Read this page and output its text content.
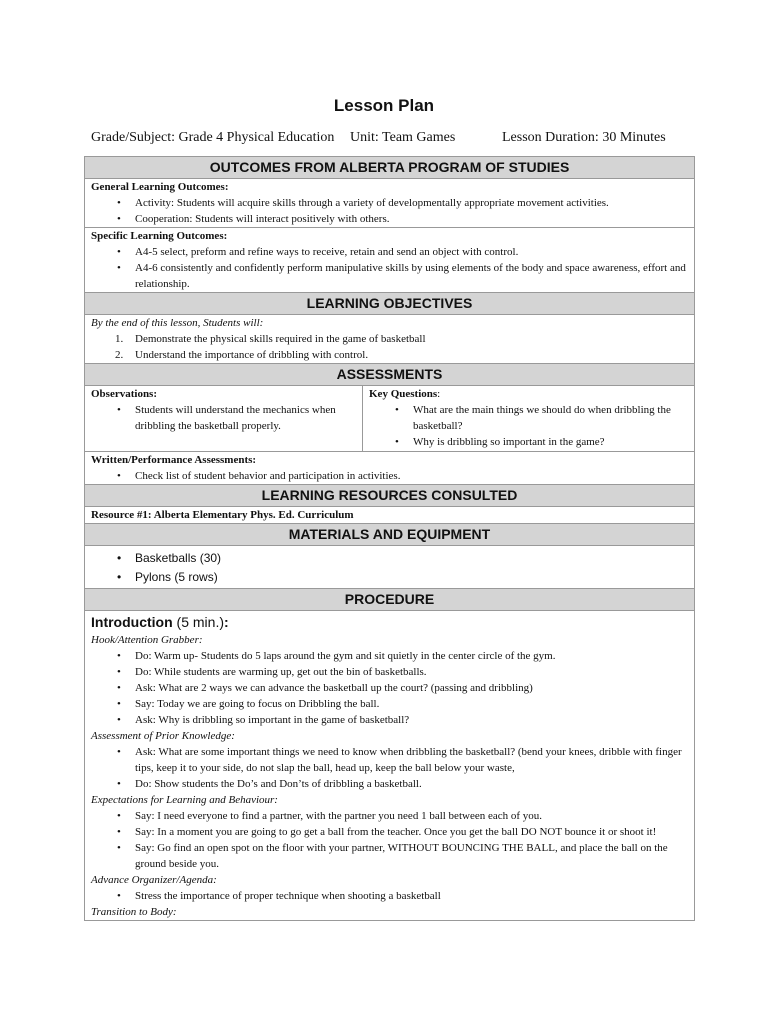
Lesson Plan
Grade/Subject: Grade 4 Physical Education Unit: Team Games	Lesson Duration: 30 Minutes
OUTCOMES FROM ALBERTA PROGRAM OF STUDIES

General Learning Outcomes:
• Activity: Students will acquire skills through a variety of developmentally appropriate movement activities.
• Cooperation: Students will interact positively with others.

Specific Learning Outcomes:
• A4-5 select, preform and refine ways to receive, retain and send an object with control.
• A4-6 consistently and confidently perform manipulative skills by using elements of the body and space awareness, effort and relationship.

LEARNING OBJECTIVES

By the end of this lesson, Students will:
1. Demonstrate the physical skills required in the game of basketball
2. Understand the importance of dribbling with control.

ASSESSMENTS

Observations:
• Students will understand the mechanics when dribbling the basketball properly.

Key Questions:
• What are the main things we should do when dribbling the basketball?
• Why is dribbling so important in the game?

Written/Performance Assessments:
• Check list of student behavior and participation in activities.

LEARNING RESOURCES CONSULTED
Resource #1: Alberta Elementary Phys. Ed. Curriculum
MATERIALS AND EQUIPMENT

• Basketballs (30)
• Pylons (5 rows)

PROCEDURE

Introduction (5 min.):
Hook/Attention Grabber:
• Do: Warm up- Students do 5 laps around the gym and sit quietly in the center circle of the gym.
• Do: While students are warming up, get out the bin of basketballs.
• Ask: What are 2 ways we can advance the basketball up the court? (passing and dribbling)
• Say: Today we are going to focus on Dribbling the ball.
• Ask: Why is dribbling so important in the game of basketball?
Assessment of Prior Knowledge:
• Ask: What are some important things we need to know when dribbling the basketball? (bend your knees, dribble with finger tips, keep it to your side, do not slap the ball, head up, keep the ball below your waste,
• Do: Show students the Do’s and Don’ts of dribbling a basketball.
Expectations for Learning and Behaviour:
• Say: I need everyone to find a partner, with the partner you need 1 ball between each of you.
• Say: In a moment you are going to go get a ball from the teacher. Once you get the ball DO NOT bounce it or shoot it!
• Say: Go find an open spot on the floor with your partner, WITHOUT BOUNCING THE BALL, and place the ball on the ground beside you.
Advance Organizer/Agenda:
• Stress the importance of proper technique when shooting a basketball
Transition to Body:
